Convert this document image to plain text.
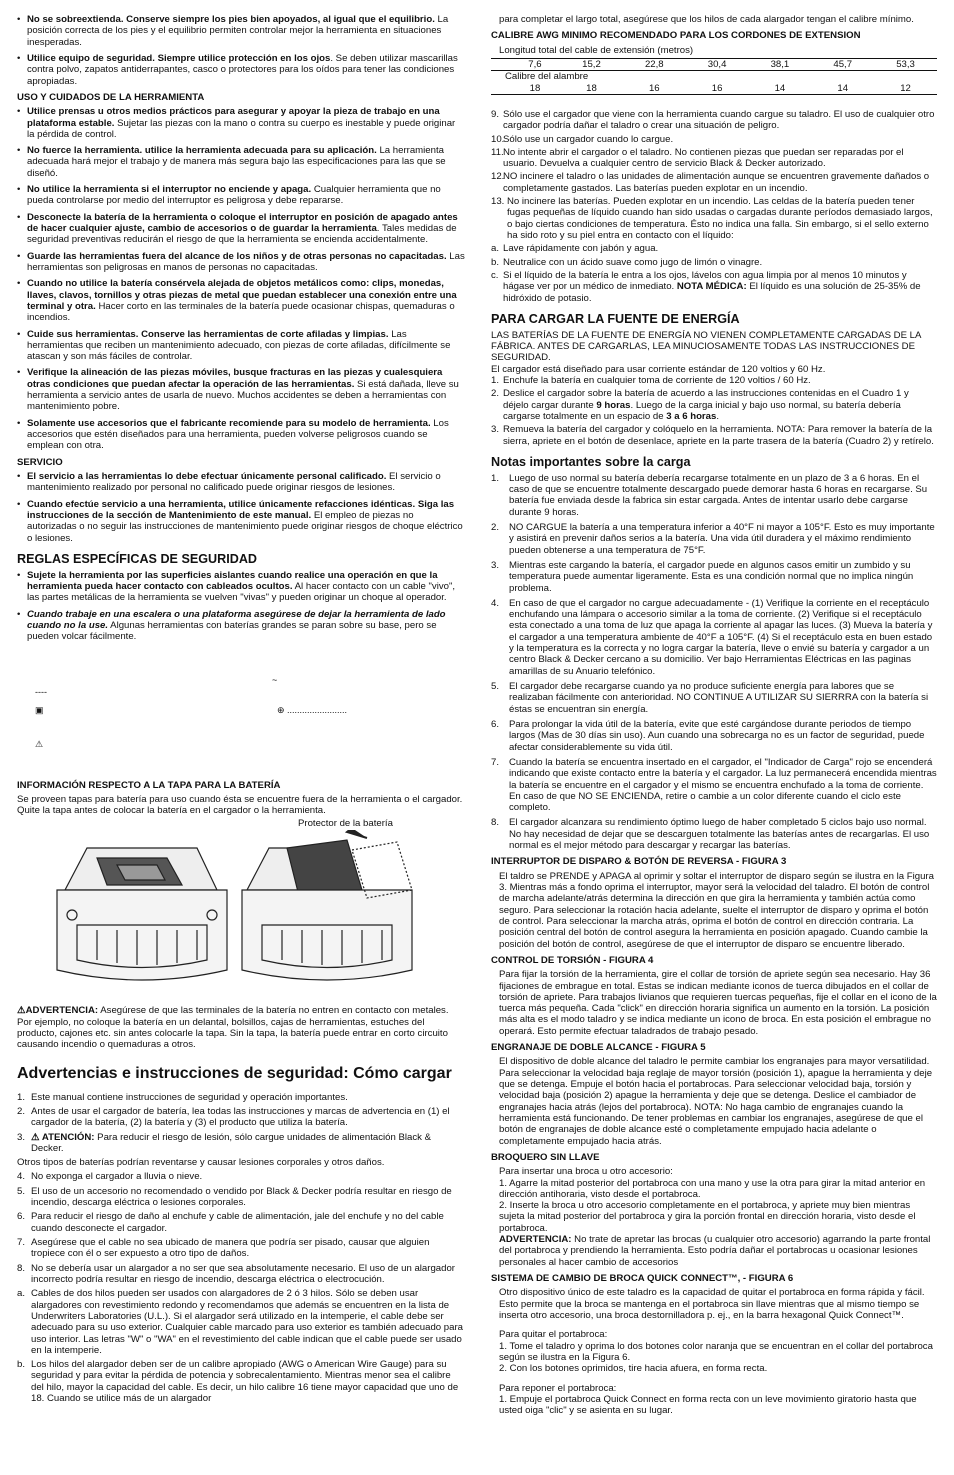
• No se sobreextienda. Conserve siempre los pies bien apoyados, al igual que el equilibrio. La posición correcta de los pies y el equilibrio permiten controlar mejor la herramienta en situaciones inesperadas.

• Utilice equipo de seguridad. Siempre utilice protección en los ojos. Se deben utilizar mascarillas contra polvo, zapatos antiderrapantes, casco o protectores para los oídos para tener las condiciones apropiadas.

USO Y CUIDADOS DE LA HERRAMIENTA

• Utilice prensas u otros medios prácticos para asegurar y apoyar la pieza de trabajo en una plataforma estable. Sujetar las piezas con la mano o contra su cuerpo es inestable y puede originar la pérdida de control.

• No fuerce la herramienta. utilice la herramienta adecuada para su aplicación. La herramienta adecuada hará mejor el trabajo y de manera más segura bajo las especificaciones para las que se diseñó.

• No utilice la herramienta si el interruptor no enciende y apaga. Cualquier herramienta que no pueda controlarse por medio del interruptor es peligrosa y debe repararse.

• Desconecte la batería de la herramienta o coloque el interruptor en posición de apagado antes de hacer cualquier ajuste, cambio de accesorios o de guardar la herramienta. Tales medidas de seguridad preventivas reducirán el riesgo de que la herramienta se encienda accidentalmente.

• Guarde las herramientas fuera del alcance de los niños y de otras personas no capacitadas. Las herramientas son peligrosas en manos de personas no capacitadas.

• Cuando no utilice la batería consérvela alejada de objetos metálicos como: clips, monedas, llaves, clavos, tornillos y otras piezas de metal que puedan establecer una conexión entre una terminal y otra. Hacer corto en las terminales de la batería puede ocasionar chispas, quemaduras o incendios.

• Cuide sus herramientas. Conserve las herramientas de corte afiladas y limpias. Las herramientas que reciben un mantenimiento adecuado, con piezas de corte afiladas, difícilmente se atascan y son más fáciles de controlar.

• Verifique la alineación de las piezas móviles, busque fracturas en las piezas y cualesquiera otras condiciones que puedan afectar la operación de las herramientas. Si está dañada, lleve su herramienta a servicio antes de usarla de nuevo. Muchos accidentes se deben a herramientas con mantenimiento pobre.

• Solamente use accesorios que el fabricante recomiende para su modelo de herramienta. Los accesorios que estén diseñados para una herramienta, pueden volverse peligrosos cuando se emplean con otra.

SERVICIO

• El servicio a las herramientas lo debe efectuar únicamente personal calificado. El servicio o mantenimiento realizado por personal no calificado puede originar riesgos de lesiones.

• Cuando efectúe servicio a una herramienta, utilice únicamente refacciones idénticas. Siga las instrucciones de la sección de Mantenimiento de este manual. El empleo de piezas no autorizadas o no seguir las instrucciones de mantenimiento puede originar riesgos de choque eléctrico o lesiones.

REGLAS ESPECÍFICAS DE SEGURIDAD

• Sujete la herramienta por las superficies aislantes cuando realice una operación en que la herramienta pueda hacer contacto con cableados ocultos. Al hacer contacto con un cable "vivo", las partes metálicas de la herramienta se vuelven "vivas" y pueden originar un choque al operador.

• Cuando trabaje en una escalera o una plataforma asegúrese de dejar la herramienta de lado cuando no la use. Algunas herramientas con baterías grandes se paran sobre su base, pero se pueden volcar fácilmente.

~
----
▣	⊕ ........................
⚠

INFORMACIÓN RESPECTO A LA TAPA PARA LA BATERÍA

Se proveen tapas para batería para uso cuando ésta se encuentre fuera de la herramienta o el cargador. Quite la tapa antes de colocar la batería en el cargador o la herramienta.

Protector de la batería

⚠ADVERTENCIA: Asegúrese de que las terminales de la batería no entren en contacto con metales. Por ejemplo, no coloque la batería en un delantal, bolsillos, cajas de herramientas, estuches del producto, cajones etc. sin antes colocarle la tapa. Sin la tapa, la batería puede entrar en corto circuito causando incendio o quemaduras a otros.

Advertencias e instrucciones de seguridad: Cómo cargar

1. Este manual contiene instrucciones de seguridad y operación importantes.

2. Antes de usar el cargador de batería, lea todas las instrucciones y marcas de advertencia en (1) el cargador de la batería, (2) la batería y (3) el producto que utiliza la batería.

3. ⚠ ATENCIÓN: Para reducir el riesgo de lesión, sólo cargue unidades de alimentación Black & Decker.

Otros tipos de baterías podrían reventarse y causar lesiones corporales y otros daños.

4. No exponga el cargador a lluvia o nieve.

5. El uso de un accesorio no recomendado o vendido por Black & Decker podría resultar en riesgo de incendio, descarga eléctrica o lesiones corporales.

6. Para reducir el riesgo de daño al enchufe y cable de alimentación, jale del enchufe y no del cable cuando desconecte el cargador.

7. Asegúrese que el cable no sea ubicado de manera que podría ser pisado, causar que alguien tropiece con él o ser expuesto a otro tipo de daños.

8. No se debería usar un alargador a no ser que sea absolutamente necesario. El uso de un alargador incorrecto podría resultar en riesgo de incendio, descarga eléctrica o electrocución.

a. Cables de dos hilos pueden ser usados con alargadores de 2 ó 3 hilos. Sólo se deben usar alargadores con revestimiento redondo y recomendamos que además se encuentren en la lista de Underwriters Laboratories (U.L.). Si el alargador será utilizado en la intemperie, el cable debe ser adecuado para su uso exterior. Cualquier cable marcado para uso exterior es también adecuado para uso interior. Las letras "W" o "WA" en el revestimiento del cable indican que el cable puede ser usado en la intemperie.

b. Los hilos del alargador deben ser de un calibre apropiado (AWG o American Wire Gauge) para su seguridad y para evitar la pérdida de potencia y sobrecalentamiento. Mientras menor sea el calibre del hilo, mayor la capacidad del cable. Es decir, un hilo calibre 16 tiene mayor capacidad que uno de 18. Cuando se utilice más de un alargador

para completar el largo total, asegúrese que los hilos de cada alargador tengan el calibre mínimo.

CALIBRE AWG MINIMO RECOMENDADO PARA LOS CORDONES DE EXTENSION

Longitud total del cable de extensión (metros)

	7,6	15,2	22,8	30,4	38,1	45,7	53,3
Calibre del alambre							
	18	18	16	16	14	14	12

9. Sólo use el cargador que viene con la herramienta cuando cargue su taladro. El uso de cualquier otro cargador podría dañar el taladro o crear una situación de peligro.

10.
Sólo use un cargador cuando lo cargue.

11. No intente abrir el cargador o el taladro. No contienen piezas que puedan ser reparadas por el usuario. Devuelva a cualquier centro de servicio Black & Decker autorizado.

12.
NO incinere el taladro o las unidades de alimentación aunque se encuentren gravemente dañados o completamente gastados. Las baterías pueden explotar en un incendio.

13. No incinere las baterías. Pueden explotar en un incendio. Las celdas de la batería pueden tener fugas pequeñas de líquido cuando han sido usadas o cargadas durante períodos demasiado largos, o bajo ciertas condiciones de temperatura. Ésto no indica una falla. Sin embargo, si el sello externo ha sido roto y su piel entra en contacto con el líquido:

a. Lave rápidamente con jabón y agua.

b. Neutralice con un ácido suave como jugo de limón o vinagre.

c. Si el líquido de la batería le entra a los ojos, lávelos con agua limpia por al menos 10 minutos y hágase ver por un médico de inmediato. NOTA MÉDICA: El líquido es una solución de 25-35% de hidróxido de potasio.

PARA CARGAR LA FUENTE DE ENERGÍA

LAS BATERÍAS DE LA FUENTE DE ENERGÍA NO VIENEN COMPLETAMENTE CARGADAS DE LA FÁBRICA. ANTES DE CARGARLAS, LEA MINUCIOSAMENTE TODAS LAS INSTRUCCIONES DE SEGURIDAD.

El cargador está diseñado para usar corriente estándar de 120 voltios y 60 Hz.

1. Enchufe la batería en cualquier toma de corriente de 120 voltios / 60 Hz.

2. Deslice el cargador sobre la batería de acuerdo a las instrucciones contenidas en el Cuadro 1 y déjelo cargar durante 9 horas. Luego de la carga inicial y bajo uso normal, su batería debería cargarse totalmente en un espacio de 3 a 6 horas.

3. Remueva la batería del cargador y colóquelo en la herramienta. NOTA: Para remover la batería de la sierra, apriete en el botón de desenlace, apriete en la parte trasera de la batería (Cuadro 2) y retírelo.

Notas importantes sobre la carga

1. Luego de uso normal su batería debería recargarse totalmente en un plazo de 3 a 6 horas. En el caso de que se encuentre totalmente descargado puede demorar hasta 6 horas en recargarse. Su batería fue enviada desde la fabrica sin estar cargada. Antes de intentar usarlo debe cargarse durante 9 horas.

2. NO CARGUE la batería a una temperatura inferior a 40°F ni mayor a 105°F. Esto es muy importante y asistirá en prevenir daños serios a la batería. Una vida útil duradera y el máximo rendimiento pueden obtenerse a una temperatura de 75°F.

3. Mientras este cargando la batería, el cargador puede en algunos casos emitir un zumbido y su temperatura puede aumentar ligeramente. Esta es una condición normal que no implica ningún problema.

4. En caso de que el cargador no cargue adecuadamente - (1) Verifique la corriente en el receptáculo enchufando una lámpara o accesorio similar a la toma de corriente. (2) Verifique si el receptáculo esta conectado a una toma de luz que apaga la corriente al apagar las luces. (3) Mueva la batería y el cargador a una temperatura ambiente de 40°F a 105°F. (4) Si el receptáculo esta en buen estado y la temperatura es la correcta y no logra cargar la batería, lleve o envié su batería y cargador a un centro Black & Decker cercano a su domicilio. Ver bajo Herramientas Eléctricas en las paginas amarillas de su Anuario telefónico.

5. El cargador debe recargarse cuando ya no produce suficiente energía para labores que se realizaban fácilmente con anterioridad. NO CONTINUE A UTILIZAR SU SIERRRA con la batería si éstas se encuentran sin energía.

6. Para prolongar la vida útil de la batería, evite que esté cargándose durante periodos de tiempo largos (Mas de 30 días sin uso). Aun cuando una sobrecarga no es un factor de seguridad, puede afectar considerablemente su vida útil.

7. Cuando la batería se encuentra insertado en el cargador, el "Indicador de Carga" rojo se encenderá indicando que existe contacto entre la batería y el cargador. La luz permanecerá encendida mientras la batería se encuentre en el cargador y el mismo se encuentra enchufado a la toma de corriente. En caso de que NO SE ENCIENDA, retire o cambie a un color diferente cuando el ciclo este completo.

8. El cargador alcanzara su rendimiento óptimo luego de haber completado 5 ciclos bajo uso normal. No hay necesidad de dejar que se descarguen totalmente las baterías antes de recargarlas. El uso normal es el mejor método para descargar y recargar las baterías.

INTERRUPTOR DE DISPARO & BOTÓN DE REVERSA - FIGURA 3

El taldro se PRENDE y APAGA al oprimir y soltar el interruptor de disparo según se ilustra en la Figura 3. Mientras más a fondo oprima el interruptor, mayor será la velocidad del taladro. El botón de control de marcha adelante/atrás determina la dirección en que gira la herramienta y también actúa como seguro. Para seleccionar la rotación hacia adelante, suelte el interruptor de disparo y oprima el botón de control. Para seleccionar la marcha atrás, oprima el botón de control en dirección contraria. La posición central del botón de control asegura la herramienta en posición apagado. Cuando cambie la posición del botón de control, asegúrese de que el interruptor de disparo se encuentre liberado.

CONTROL DE TORSIÓN - FIGURA 4

Para fijar la torsión de la herramienta, gire el collar de torsión de apriete según sea necesario. Hay 36 fijaciones de embrague en total. Estas se indican mediante iconos de tuerca dibujados en el collar de torsión de apriete. Para trabajos livianos que requieren tuercas pequeñas, fije el collar en el icono de la tuerca más pequeña. Cada "click" en dirección horaria significa un aumento en la torsión. La posición más alta es el modo taladro y se indica mediante un icono de broca. En esta posición el embrague no operará. Esto permite efectuar taladrados de trabajo pesado.

ENGRANAJE DE DOBLE ALCANCE - FIGURA 5

El dispositivo de doble alcance del taladro le permite cambiar los engranajes para mayor versatilidad. Para seleccionar la velocidad baja reglaje de mayor torsión (posición 1), apague la herramienta y deje que se detenga. Empuje el botón hacia el portabrocas. Para seleccionar velocidad baja, torsión y velocidad baja (posición 2) apague la herramienta y deje que se detenga. Deslice el cambiador de engranajes hacia atrás (lejos del portabroca). NOTA: No haga cambio de engranajes cuando la herramienta está funcionando. De tener problemas en cambiar los engranajes, asegúrese de que el botón de engranajes de doble alcance esté o completamente empujado hacia adelante o completamente empujado hacia atrás.

BROQUERO SIN LLAVE

Para insertar una broca u otro accesorio:

1. Agarre la mitad posterior del portabroca con una mano y use la otra para girar la mitad anterior en dirección antihoraria, visto desde el portabroca.

2. Inserte la broca u otro accesorio completamente en el portabroca, y apriete muy bien mientras sujeta la mitad posterior del portabroca y gira la porción frontal en dirección horaria, visto desde el portabroca.

ADVERTENCIA: No trate de apretar las brocas (u cualquier otro accesorio) agarrando la parte frontal del portabroca y prendiendo la herramienta. Esto podría dañar el portabrocas u ocasionar lesiones personales al hacer cambio de accesorios

SISTEMA DE CAMBIO DE BROCA QUICK CONNECT™, - FIGURA 6

Otro dispositivo único de este taladro es la capacidad de quitar el portabroca en forma rápida y fácil. Esto permite que la broca se mantenga en el portabroca sin llave mientras que al mismo tiempo se inserta otro accesorio, una broca destornilladora p. ej., en la barra hexagonal Quick Connect™.

Para quitar el portabroca:

1. Tome el taladro y oprima lo dos botones color naranja que se encuentran en el collar del portabroca según se ilustra en la Figura 6.

2. Con los botones oprimidos, tire hacia afuera, en forma recta.

Para reponer el portabroca:

1. Empuje el portabroca Quick Connect en forma recta con un leve movimiento giratorio hasta que usted oiga "clic" y se asienta en su lugar.
